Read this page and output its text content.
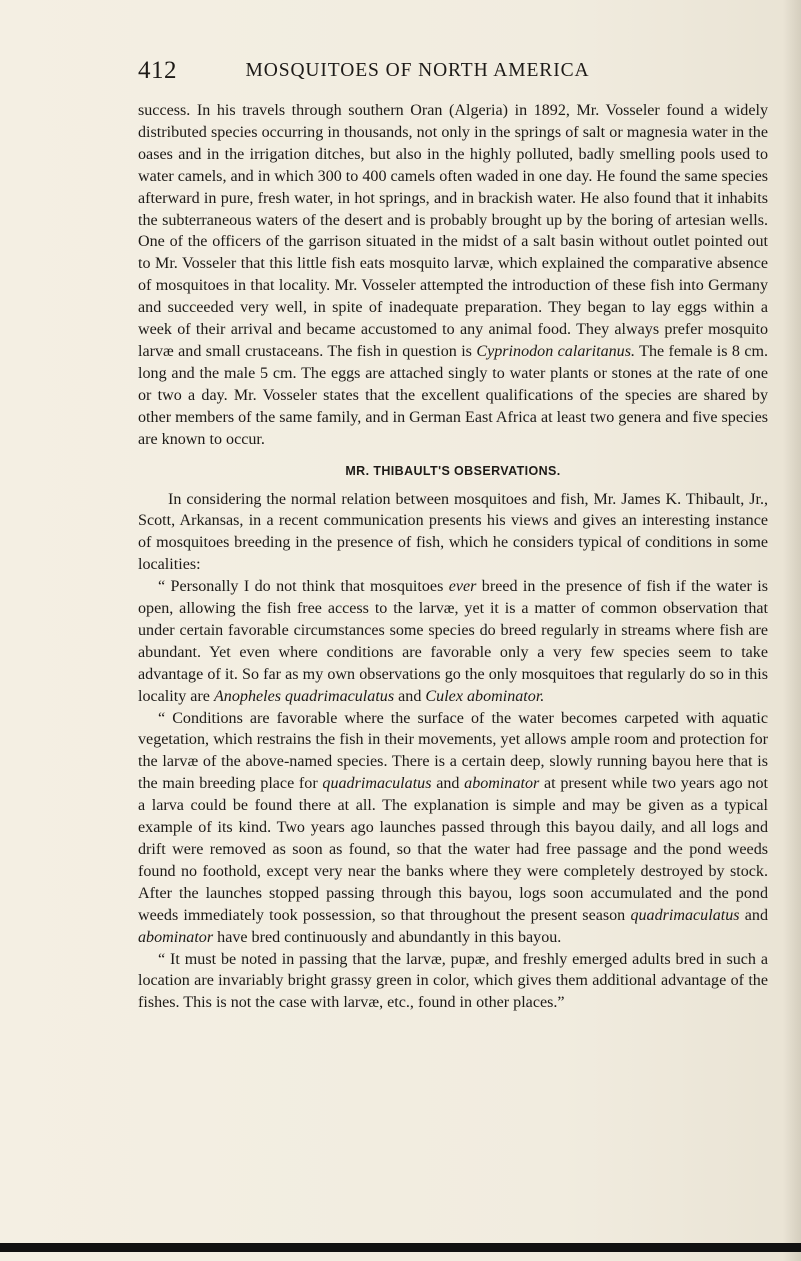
412	MOSQUITOES OF NORTH AMERICA

success. In his travels through southern Oran (Algeria) in 1892, Mr. Vosseler found a widely distributed species occurring in thousands, not only in the springs of salt or magnesia water in the oases and in the irrigation ditches, but also in the highly polluted, badly smelling pools used to water camels, and in which 300 to 400 camels often waded in one day. He found the same species afterward in pure, fresh water, in hot springs, and in brackish water. He also found that it inhabits the subterraneous waters of the desert and is probably brought up by the boring of artesian wells. One of the officers of the garrison situated in the midst of a salt basin without outlet pointed out to Mr. Vosseler that this little fish eats mosquito larvæ, which explained the comparative absence of mosquitoes in that locality. Mr. Vosseler attempted the introduction of these fish into Germany and succeeded very well, in spite of inadequate preparation. They began to lay eggs within a week of their arrival and became accustomed to any animal food. They always prefer mosquito larvæ and small crustaceans. The fish in question is Cyprinodon calaritanus. The female is 8 cm. long and the male 5 cm. The eggs are attached singly to water plants or stones at the rate of one or two a day. Mr. Vosseler states that the excellent qualifications of the species are shared by other members of the same family, and in German East Africa at least two genera and five species are known to occur.

MR. THIBAULT'S OBSERVATIONS.

In considering the normal relation between mosquitoes and fish, Mr. James K. Thibault, Jr., Scott, Arkansas, in a recent communication presents his views and gives an interesting instance of mosquitoes breeding in the presence of fish, which he considers typical of conditions in some localities:

“ Personally I do not think that mosquitoes ever breed in the presence of fish if the water is open, allowing the fish free access to the larvæ, yet it is a matter of common observation that under certain favorable circumstances some species do breed regularly in streams where fish are abundant. Yet even where conditions are favorable only a very few species seem to take advantage of it. So far as my own observations go the only mosquitoes that regularly do so in this locality are Anopheles quadrimaculatus and Culex abominator.

“ Conditions are favorable where the surface of the water becomes carpeted with aquatic vegetation, which restrains the fish in their movements, yet allows ample room and protection for the larvæ of the above-named species. There is a certain deep, slowly running bayou here that is the main breeding place for quadrimaculatus and abominator at present while two years ago not a larva could be found there at all. The explanation is simple and may be given as a typical example of its kind. Two years ago launches passed through this bayou daily, and all logs and drift were removed as soon as found, so that the water had free passage and the pond weeds found no foothold, except very near the banks where they were completely destroyed by stock. After the launches stopped passing through this bayou, logs soon accumulated and the pond weeds immediately took possession, so that throughout the present season quadrimaculatus and abominator have bred continuously and abundantly in this bayou.

“ It must be noted in passing that the larvæ, pupæ, and freshly emerged adults bred in such a location are invariably bright grassy green in color, which gives them additional advantage of the fishes. This is not the case with larvæ, etc., found in other places.”
